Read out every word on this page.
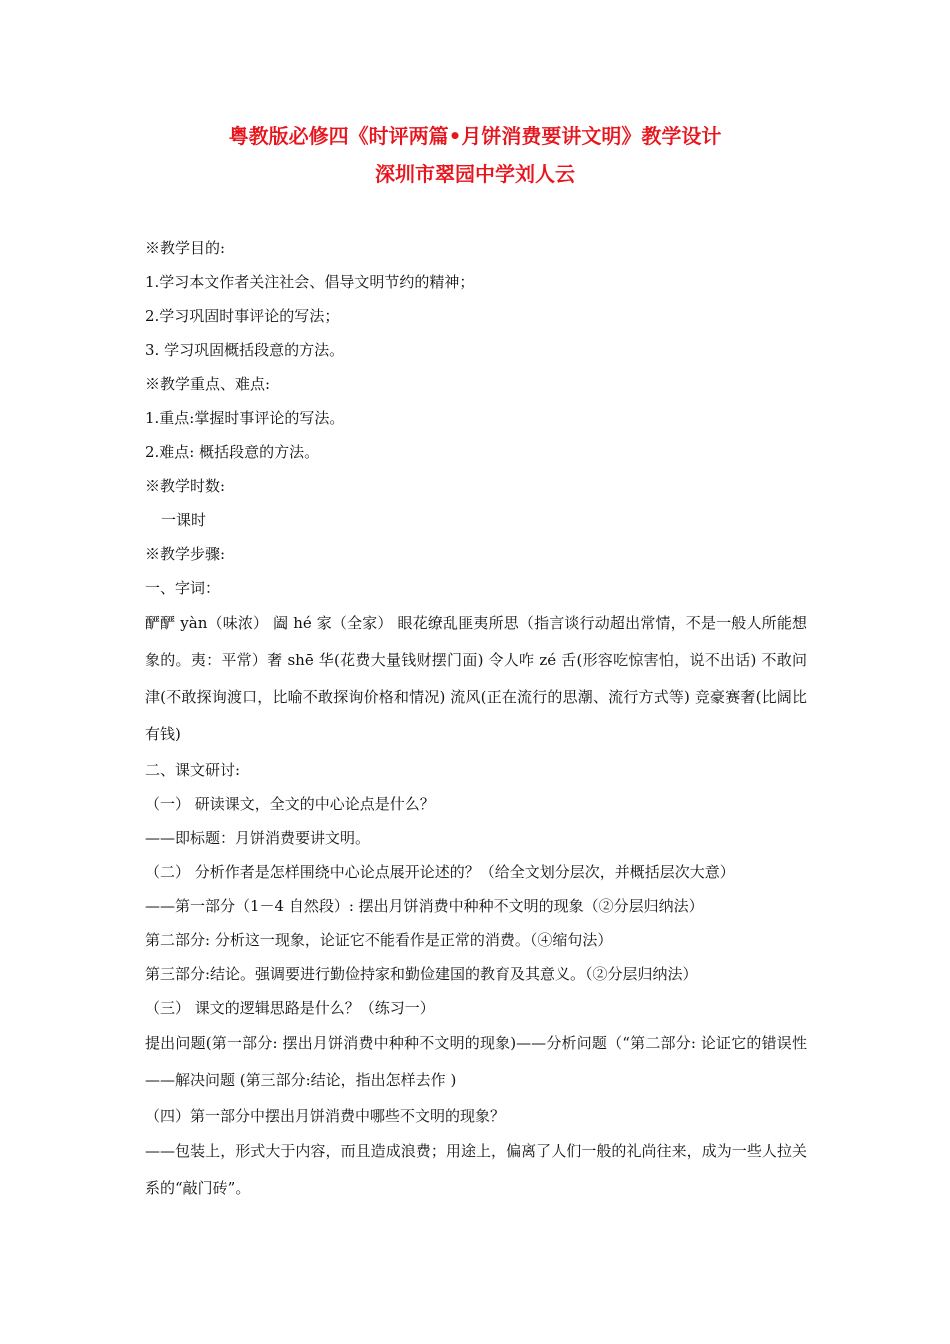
粤教版必修四《时评两篇•月饼消费要讲文明》教学设计
深圳市翠园中学刘人云

※教学目的:

1.学习本文作者关注社会、倡导文明节约的精神；

2.学习巩固时事评论的写法；

3. 学习巩固概括段意的方法。

※教学重点、难点:

1.重点:掌握时事评论的写法。

2.难点: 概括段意的方法。

※教学时数:

一课时

※教学步骤:

一、字词：

酽酽 yàn（味浓） 阖 hé 家（全家） 眼花缭乱匪夷所思（指言谈行动超出常情，不是一般人所能想象的。夷：平常）奢 shē 华(花费大量钱财摆门面) 令人咋 zé 舌(形容吃惊害怕，说不出话) 不敢问津(不敢探询渡口，比喻不敢探询价格和情况) 流风(正在流行的思潮、流行方式等) 竞豪赛奢(比阔比有钱)

二、课文研讨:

（一） 研读课文，全文的中心论点是什么？

——即标题：月饼消费要讲文明。

（二） 分析作者是怎样围绕中心论点展开论述的？（给全文划分层次，并概括层次大意）

——第一部分（1－4 自然段）: 摆出月饼消费中种种不文明的现象（②分层归纳法）

第二部分: 分析这一现象，论证它不能看作是正常的消费。（④缩句法）

第三部分:结论。强调要进行勤俭持家和勤俭建国的教育及其意义。（②分层归纳法）

（三） 课文的逻辑思路是什么？（练习一）

提出问题(第一部分: 摆出月饼消费中种种不文明的现象)——分析问题（“第二部分: 论证它的错误性——解决问题 (第三部分:结论，指出怎样去作 )

（四）第一部分中摆出月饼消费中哪些不文明的现象？

——包装上，形式大于内容，而且造成浪费；用途上，偏离了人们一般的礼尚往来，成为一些人拉关系的“敲门砖”。
